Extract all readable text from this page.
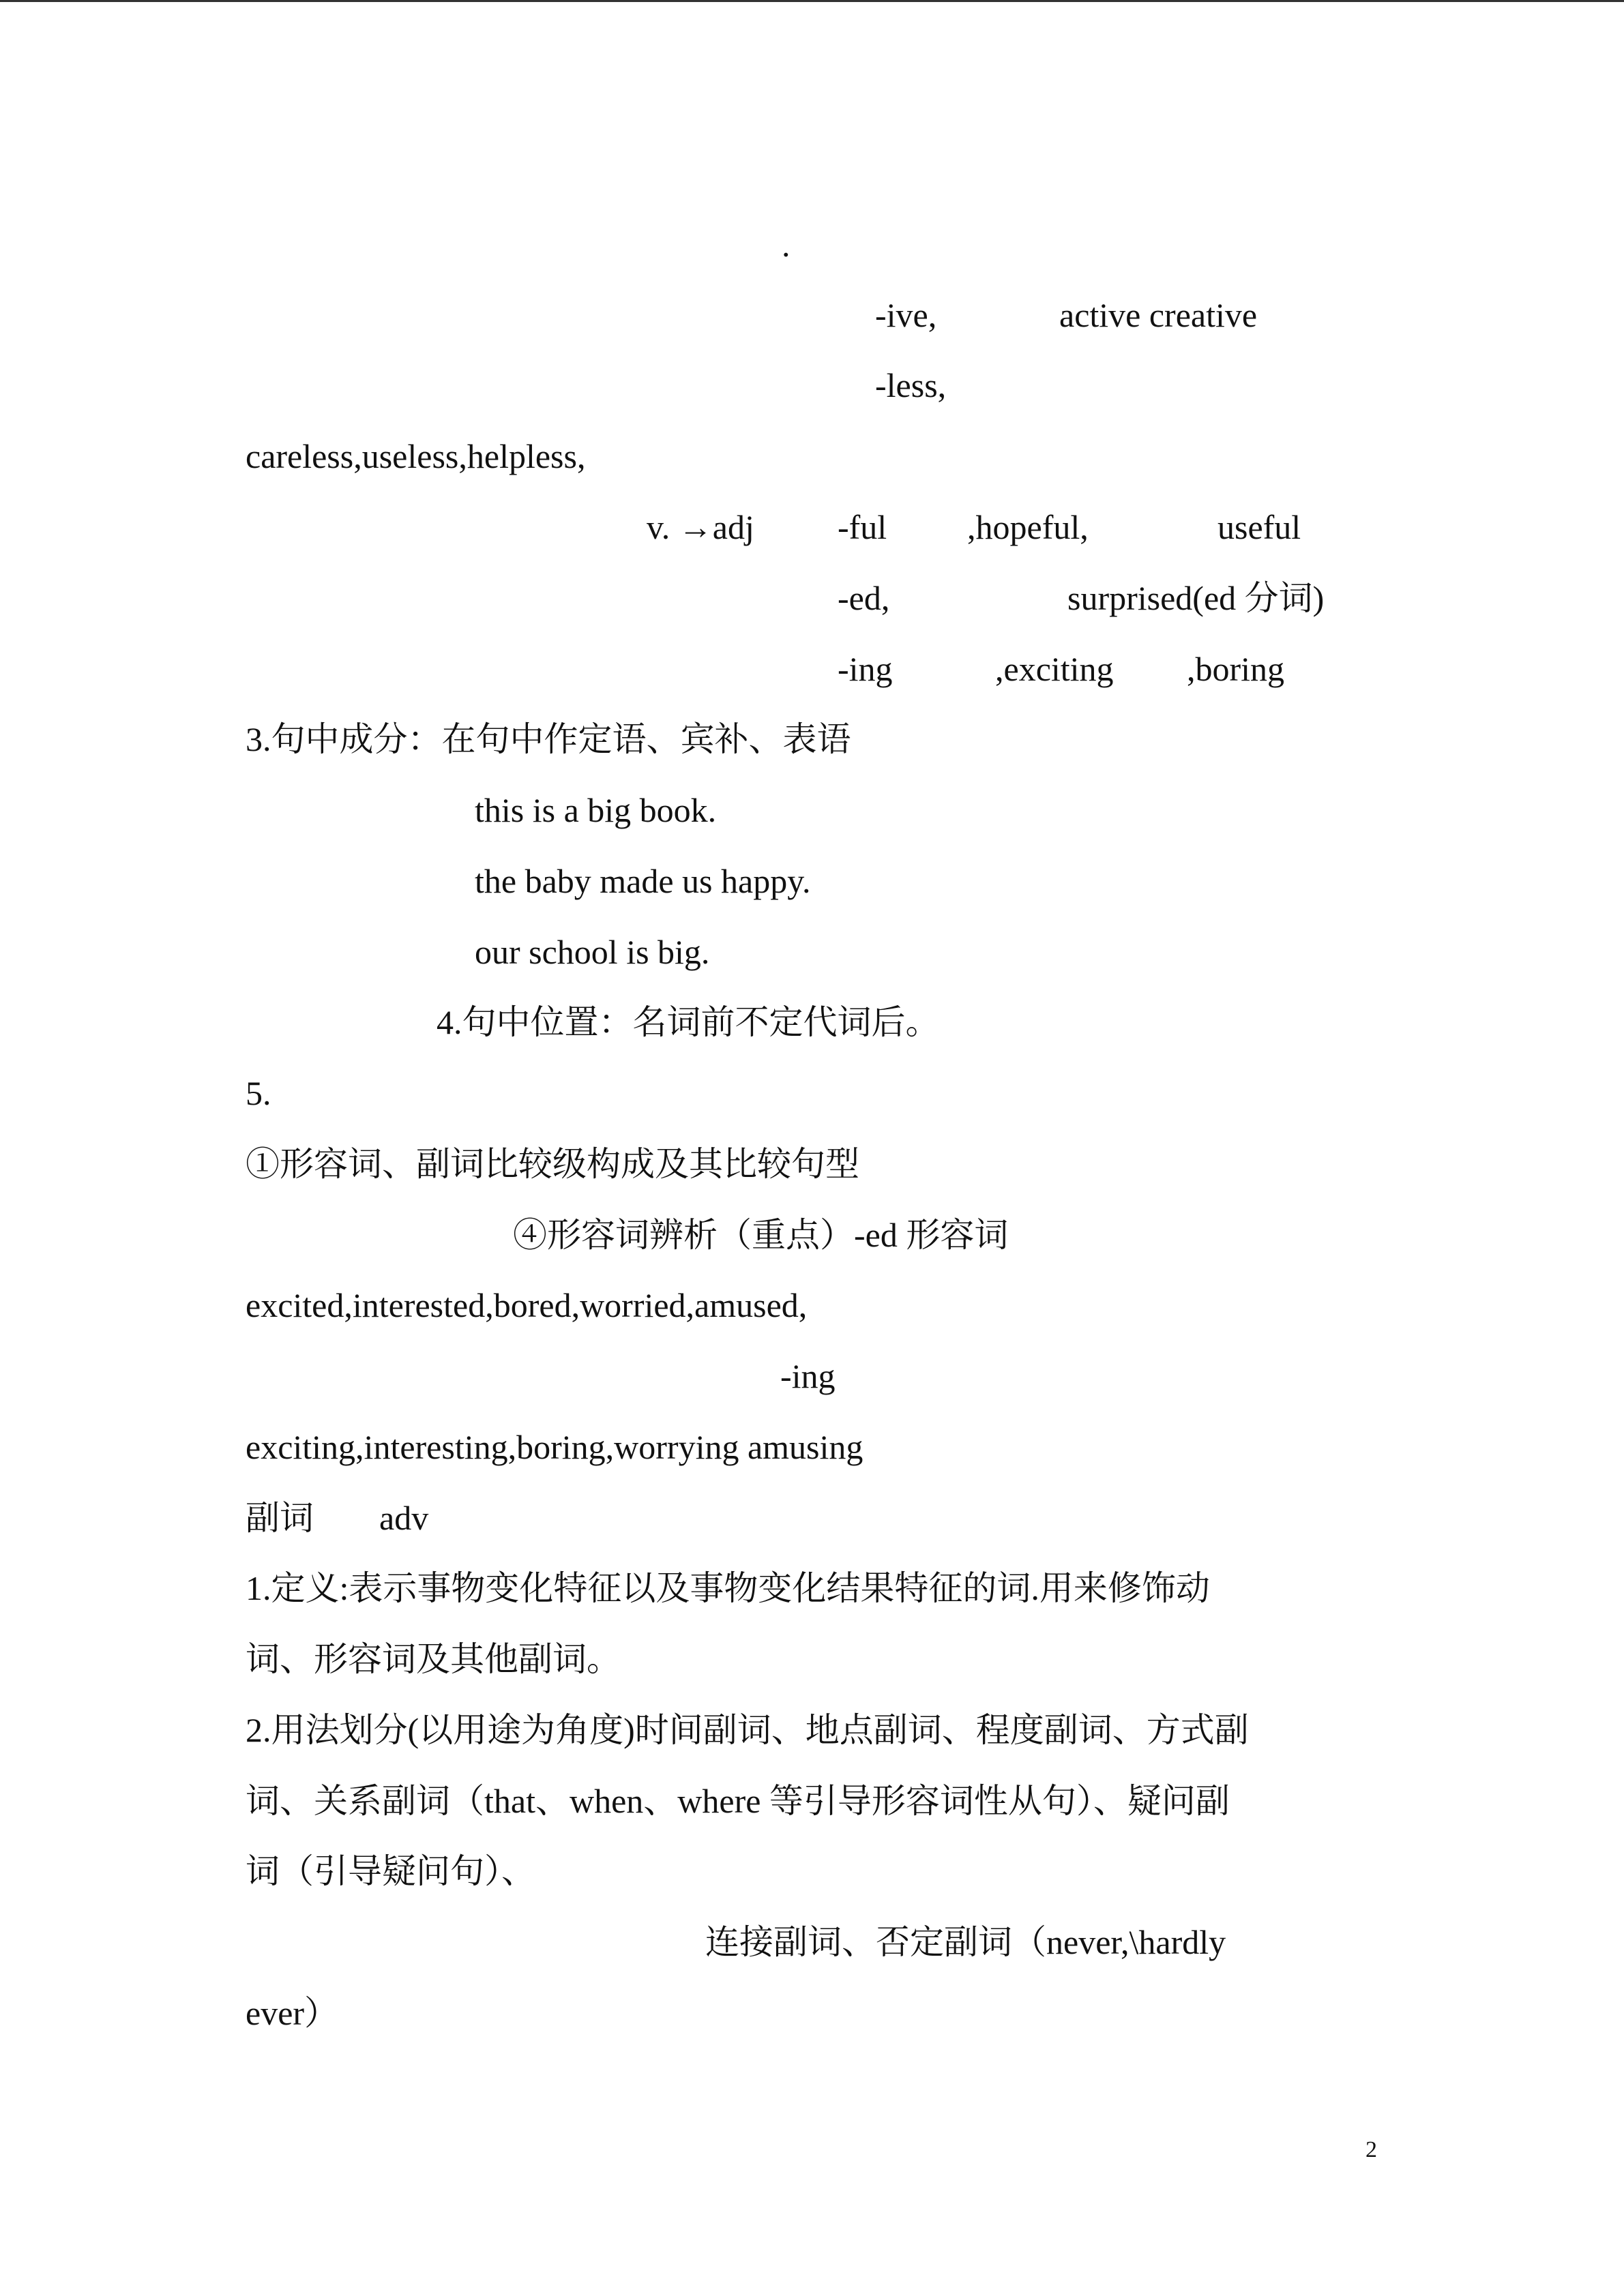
.
-ive,	active creative
-less,
careless,useless,helpless,
v. →adj -ful ,hopeful,	useful
-ed,	surprised(ed 分词)
-ing	,exciting ,boring
3.句中成分：在句中作定语、宾补、表语
this is a big book.
the baby made us happy.
our school is big.
4.句中位置：名词前不定代词后。
5.
①形容词、副词比较级构成及其比较句型
④形容词辨析（重点）-ed 形容词
excited,interested,bored,worried,amused,
-ing
exciting,interesting,boring,worrying amusing
副词 adv
1.定义:表示事物变化特征以及事物变化结果特征的词.用来修饰动
词、形容词及其他副词。
2.用法划分(以用途为角度)时间副词、地点副词、程度副词、方式副
词、关系副词（that、when、where 等引导形容词性从句）、疑问副
词（引导疑问句）、
连接副词、否定副词（never,\hardly
ever）
2
